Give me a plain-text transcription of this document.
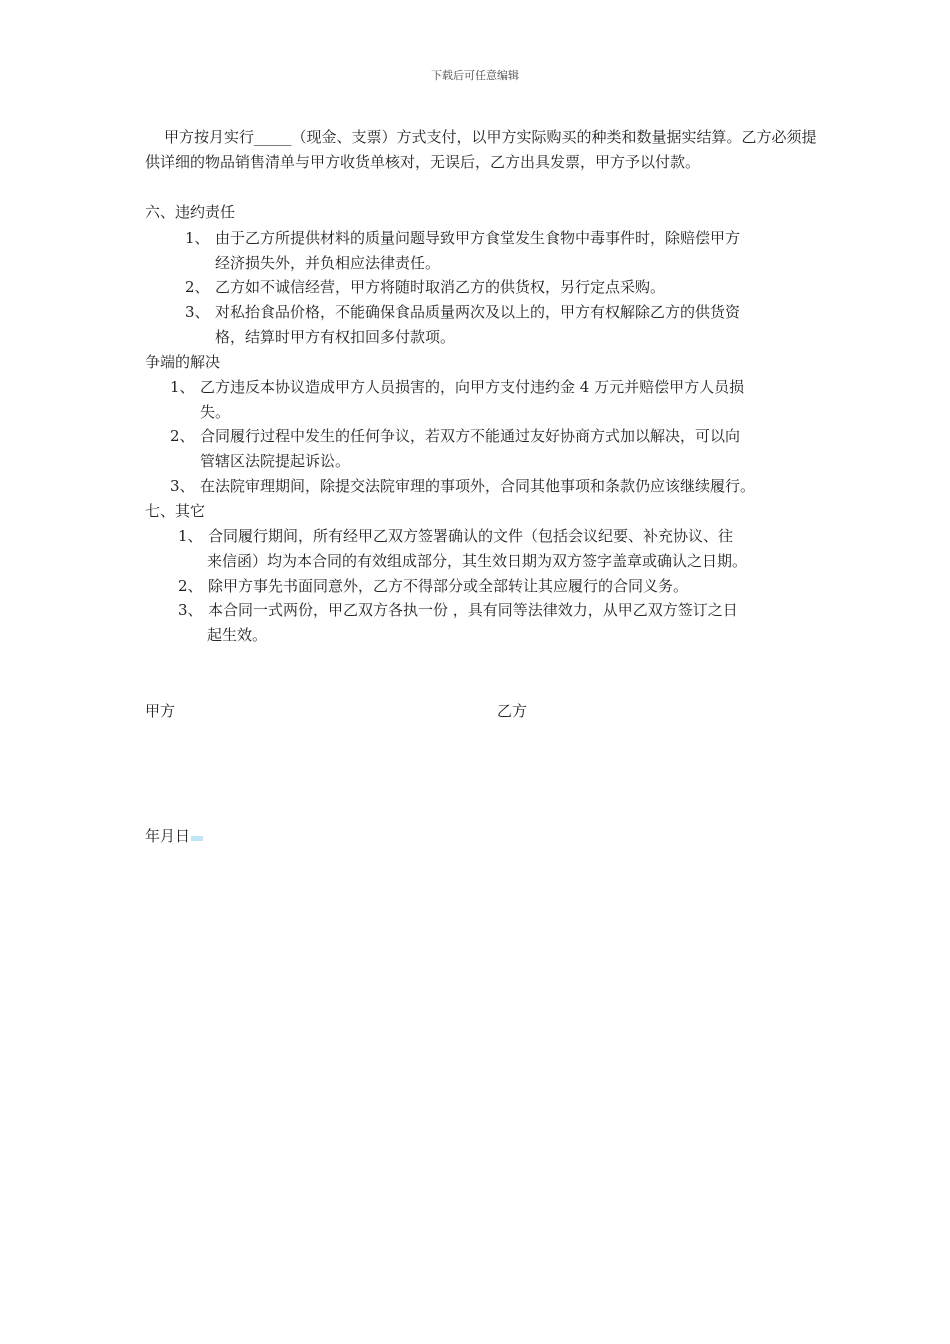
下载后可任意编辑
甲方按月实行_____（现金、支票）方式支付，以甲方实际购买的种类和数量据实结算。乙方必须提供详细的物品销售清单与甲方收货单核对，无误后，乙方出具发票，甲方予以付款。
六、违约责任
1、 由于乙方所提供材料的质量问题导致甲方食堂发生食物中毒事件时，除赔偿甲方
经济损失外，并负相应法律责任。
2、 乙方如不诚信经营，甲方将随时取消乙方的供货权，另行定点采购。
3、 对私抬食品价格，不能确保食品质量两次及以上的，甲方有权解除乙方的供货资
格，结算时甲方有权扣回多付款项。
争端的解决
1、 乙方违反本协议造成甲方人员损害的，向甲方支付违约金 4 万元并赔偿甲方人员损
失。
2、 合同履行过程中发生的任何争议，若双方不能通过友好协商方式加以解决，可以向
管辖区法院提起诉讼。
3、 在法院审理期间，除提交法院审理的事项外，合同其他事项和条款仍应该继续履行。
七、其它
1、 合同履行期间，所有经甲乙双方签署确认的文件（包括会议纪要、补充协议、往
来信函）均为本合同的有效组成部分，其生效日期为双方签字盖章或确认之日期。
2、 除甲方事先书面同意外，乙方不得部分或全部转让其应履行的合同义务。
3、 本合同一式两份，甲乙双方各执一份 ，具有同等法律效力，从甲乙双方签订之日
起生效。
甲方	乙方
年月日
